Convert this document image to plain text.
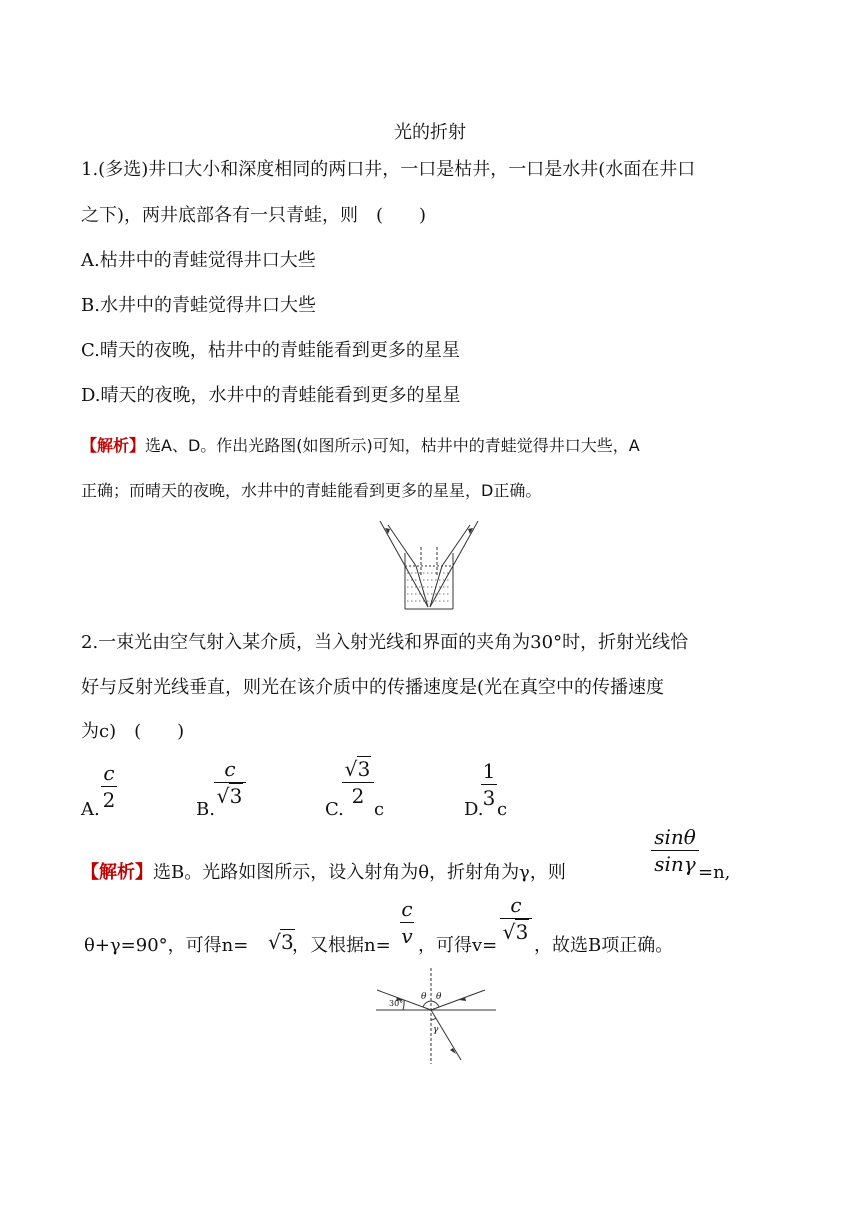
光的折射
1.(多选)井口大小和深度相同的两口井，一口是枯井，一口是水井(水面在井口
之下)，两井底部各有一只青蛙，则　(　　)
A.枯井中的青蛙觉得井口大些
B.水井中的青蛙觉得井口大些
C.晴天的夜晚，枯井中的青蛙能看到更多的星星
D.晴天的夜晚，水井中的青蛙能看到更多的星星
【解析】选A、D。作出光路图(如图所示)可知，枯井中的青蛙觉得井口大些，A
正确；而晴天的夜晚，水井中的青蛙能看到更多的星星，D正确。
2.一束光由空气射入某介质，当入射光线和界面的夹角为30°时，折射光线恰
好与反射光线垂直，则光在该介质中的传播速度是(光在真空中的传播速度
为c)　(　　)
A.
c
2	B.
c
√ 3
C.
√ 3
2
c	D.
1
3 c
【解析】选B。光路如图所示，设入射角为θ，折射角为γ，则
sinθ
sinγ =n,
θ+γ=90°，可得n= √ 3
，又根据n=
c
v ，可得v=
c
√ 3
，故选B项正确。
30°
θ θ
γ
